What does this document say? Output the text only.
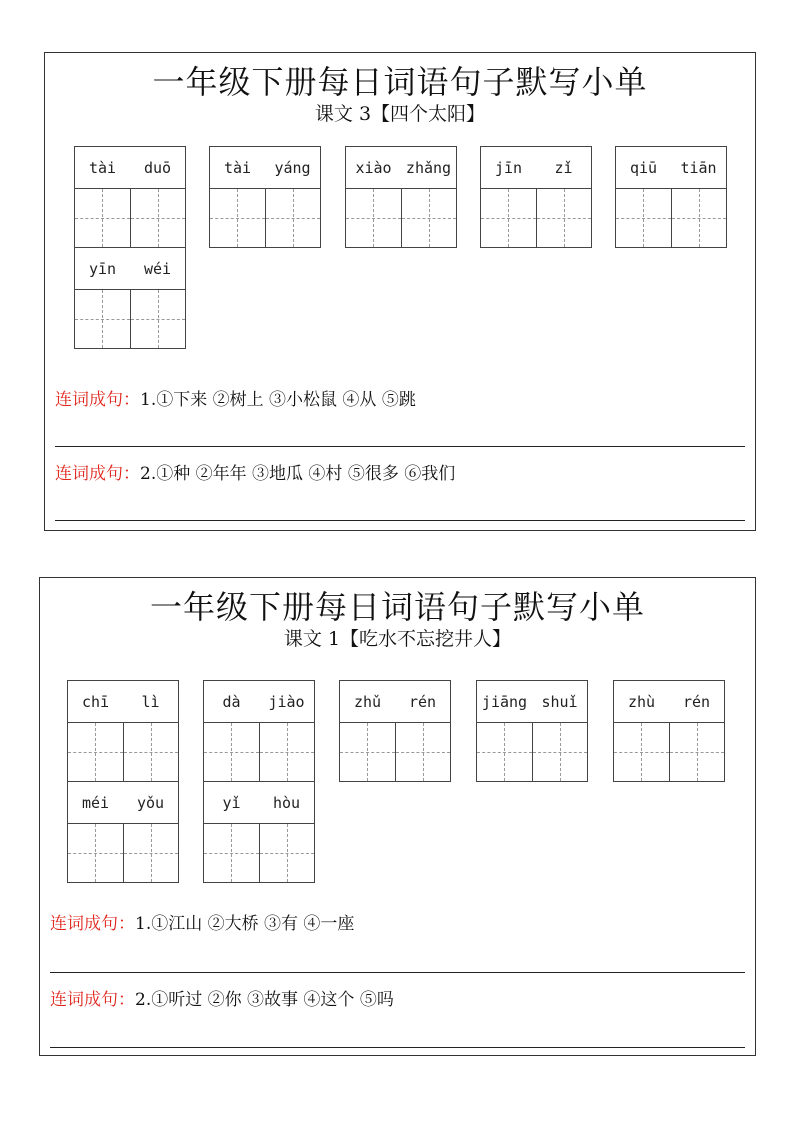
一年级下册每日词语句子默写小单
课文 3【四个太阳】
tài	duō	tài	yáng	xiào zhǎng	jīn	zǐ	qiū	tiān
yīn	wéi
连词成句：1.①下来 ②树上 ③小松鼠 ④从 ⑤跳
连词成句：2.①种 ②年年 ③地瓜 ④村 ⑤很多 ⑥我们
一年级下册每日词语句子默写小单
课文 1【吃水不忘挖井人】
chī	lì	dà	jiào	zhǔ	rén	jiāng shuǐ	zhù	rén
méi	yǒu	yǐ	hòu
连词成句：1.①江山 ②大桥 ③有 ④一座
连词成句：2.①听过 ②你 ③故事 ④这个 ⑤吗
